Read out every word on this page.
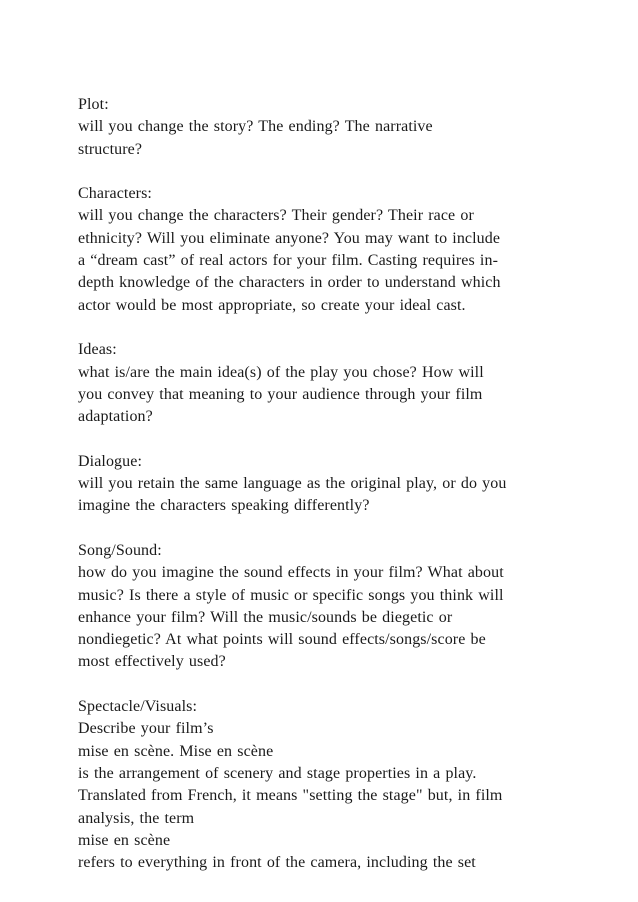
Plot:
will you change the story? The ending? The narrative
structure?
Characters:
will you change the characters? Their gender? Their race or
ethnicity? Will you eliminate anyone? You may want to include
a “dream cast” of real actors for your film. Casting requires in-
depth knowledge of the characters in order to understand which
actor would be most appropriate, so create your ideal cast.
Ideas:
what is/are the main idea(s) of the play you chose? How will
you convey that meaning to your audience through your film
adaptation?
Dialogue:
will you retain the same language as the original play, or do you
imagine the characters speaking differently?
Song/Sound:
how do you imagine the sound effects in your film? What about
music? Is there a style of music or specific songs you think will
enhance your film? Will the music/sounds be diegetic or
nondiegetic? At what points will sound effects/songs/score be
most effectively used?
Spectacle/Visuals:
Describe your film’s
mise en scène. Mise en scène
is the arrangement of scenery and stage properties in a play.
Translated from French, it means "setting the stage" but, in film
analysis, the term
mise en scène
refers to everything in front of the camera, including the set
